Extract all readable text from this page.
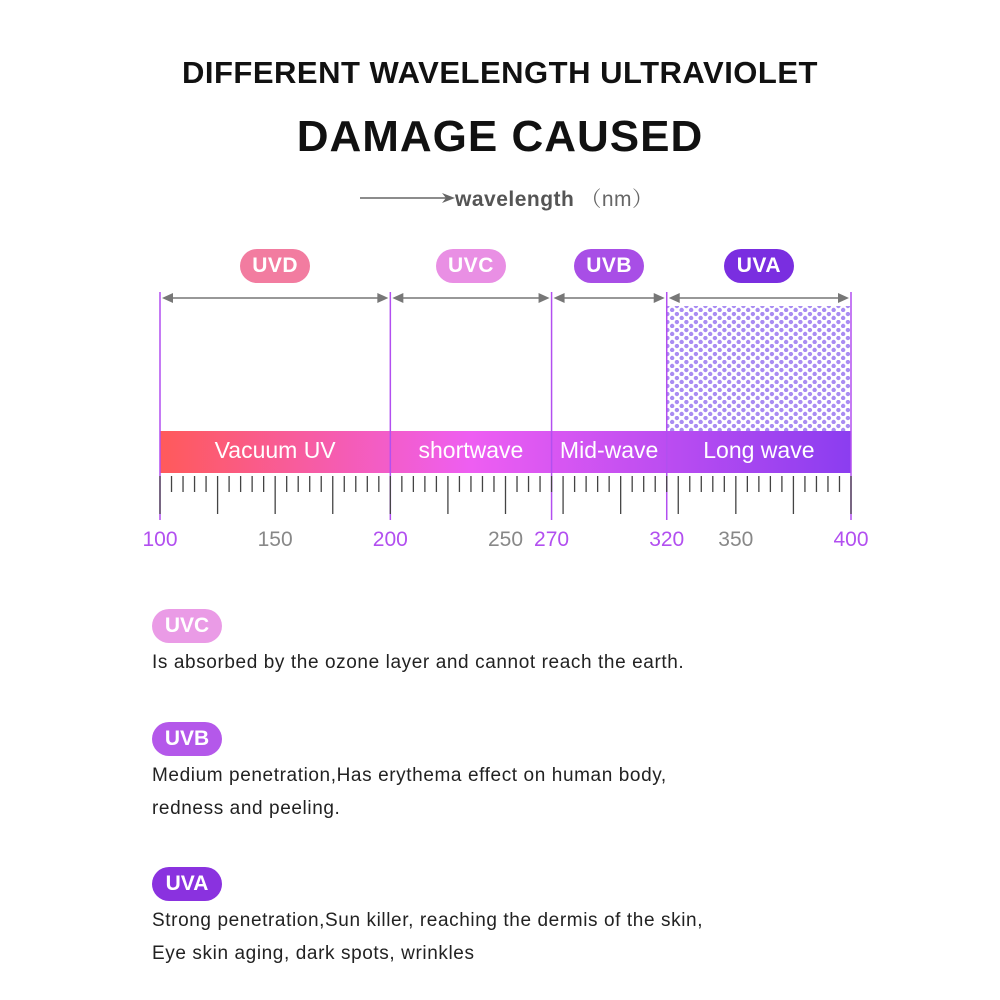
DIFFERENT WAVELENGTH ULTRAVIOLET
DAMAGE CAUSED
wavelength （nm）
UVD	UVC	UVB	UVA
Vacuum UV	shortwave	Mid-wave	Long wave
100	150	200	250 270	320	350	400
UVC
Is absorbed by the ozone layer and cannot reach the earth.
UVB
Medium penetration,Has erythema effect on human body,
redness and peeling.
UVA
Strong penetration,Sun killer, reaching the dermis of the skin,
Eye skin aging, dark spots, wrinkles
